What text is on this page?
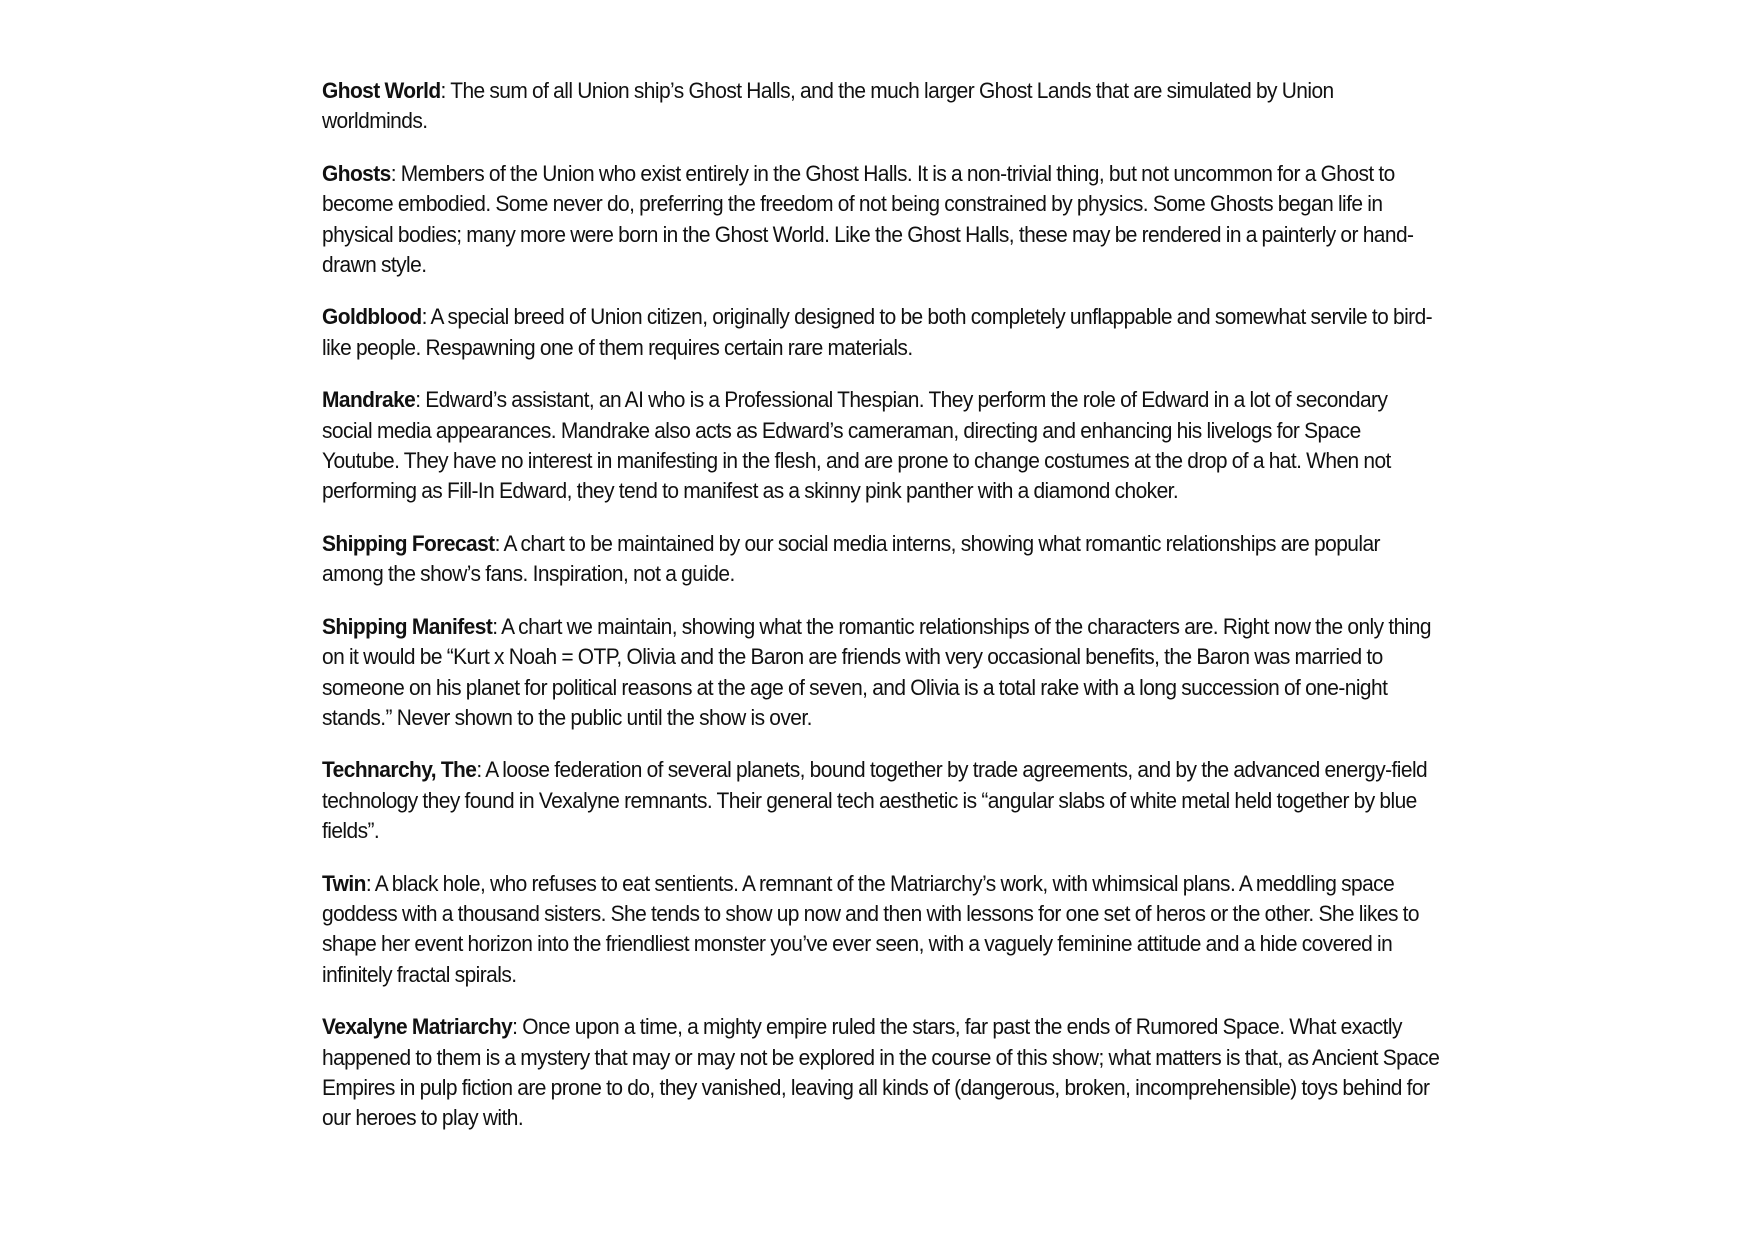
Ghost World: The sum of all Union ship’s Ghost Halls, and the much larger Ghost Lands that are simulated by Union worldminds.

Ghosts: Members of the Union who exist entirely in the Ghost Halls. It is a non-trivial thing, but not uncommon for a Ghost to become embodied. Some never do, preferring the freedom of not being constrained by physics. Some Ghosts began life in physical bodies; many more were born in the Ghost World. Like the Ghost Halls, these may be rendered in a painterly or hand-drawn style.

Goldblood: A special breed of Union citizen, originally designed to be both completely unflappable and somewhat servile to bird-like people. Respawning one of them requires certain rare materials.

Mandrake: Edward’s assistant, an AI who is a Professional Thespian. They perform the role of Edward in a lot of secondary social media appearances. Mandrake also acts as Edward’s cameraman, directing and enhancing his livelogs for Space Youtube. They have no interest in manifesting in the flesh, and are prone to change costumes at the drop of a hat. When not performing as Fill-In Edward, they tend to manifest as a skinny pink panther with a diamond choker.

Shipping Forecast: A chart to be maintained by our social media interns, showing what romantic relationships are popular among the show’s fans. Inspiration, not a guide.

Shipping Manifest: A chart we maintain, showing what the romantic relationships of the characters are. Right now the only thing on it would be “Kurt x Noah = OTP, Olivia and the Baron are friends with very occasional benefits, the Baron was married to someone on his planet for political reasons at the age of seven, and Olivia is a total rake with a long succession of one-night stands.” Never shown to the public until the show is over.

Technarchy, The: A loose federation of several planets, bound together by trade agreements, and by the advanced energy-field technology they found in Vexalyne remnants. Their general tech aesthetic is “angular slabs of white metal held together by blue fields”.

Twin: A black hole, who refuses to eat sentients. A remnant of the Matriarchy’s work, with whimsical plans. A meddling space goddess with a thousand sisters. She tends to show up now and then with lessons for one set of heros or the other. She likes to shape her event horizon into the friendliest monster you’ve ever seen, with a vaguely feminine attitude and a hide covered in infinitely fractal spirals.

Vexalyne Matriarchy: Once upon a time, a mighty empire ruled the stars, far past the ends of Rumored Space. What exactly happened to them is a mystery that may or may not be explored in the course of this show; what matters is that, as Ancient Space Empires in pulp fiction are prone to do, they vanished, leaving all kinds of (dangerous, broken, incomprehensible) toys behind for our heroes to play with.
